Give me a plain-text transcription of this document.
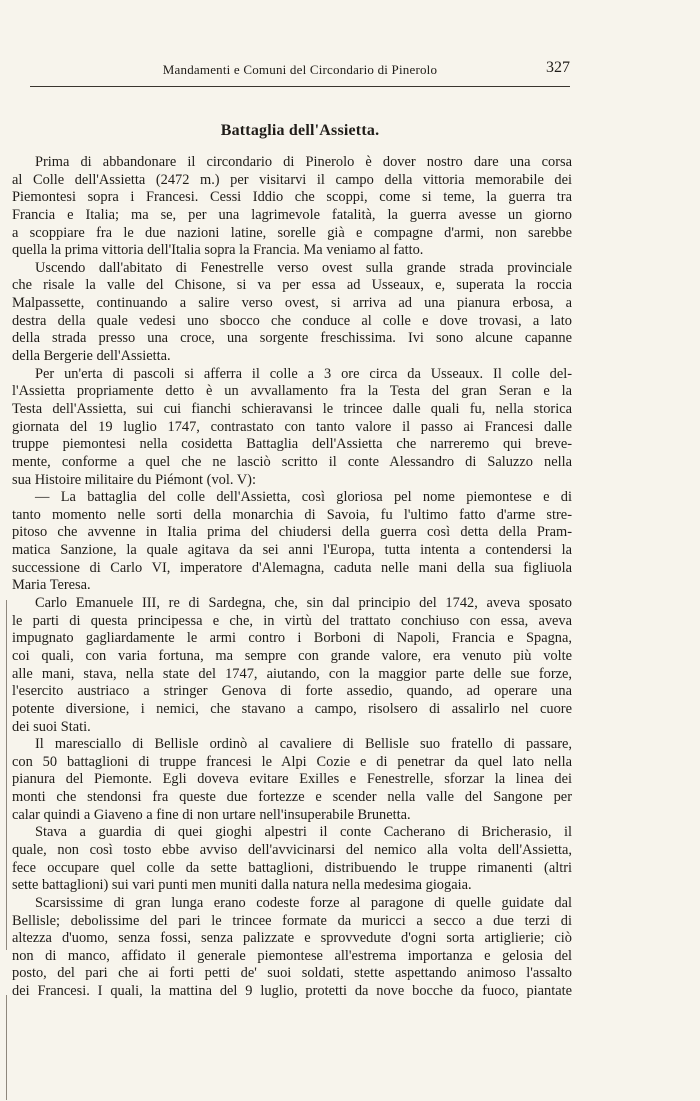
Mandamenti e Comuni del Circondario di Pinerolo	327
Battaglia dell'Assietta.
Prima di abbandonare il circondario di Pinerolo è dover nostro dare una corsa
al Colle dell'Assietta (2472 m.) per visitarvi il campo della vittoria memorabile dei
Piemontesi sopra i Francesi. Cessi Iddio che scoppi, come si teme, la guerra tra
Francia e Italia; ma se, per una lagrimevole fatalità, la guerra avesse un giorno
a scoppiare fra le due nazioni latine, sorelle già e compagne d'armi, non sarebbe
quella la prima vittoria dell'Italia sopra la Francia. Ma veniamo al fatto.
Uscendo dall'abitato di Fenestrelle verso ovest sulla grande strada provinciale
che risale la valle del Chisone, si va per essa ad Usseaux, e, superata la roccia
Malpassette, continuando a salire verso ovest, si arriva ad una pianura erbosa, a
destra della quale vedesi uno sbocco che conduce al colle e dove trovasi, a lato
della strada presso una croce, una sorgente freschissima. Ivi sono alcune capanne
della Bergerie dell'Assietta.
Per un'erta di pascoli si afferra il colle a 3 ore circa da Usseaux. Il colle del-
l'Assietta propriamente detto è un avvallamento fra la Testa del gran Seran e la
Testa dell'Assietta, sui cui fianchi schieravansi le trincee dalle quali fu, nella storica
giornata del 19 luglio 1747, contrastato con tanto valore il passo ai Francesi dalle
truppe piemontesi nella cosidetta Battaglia dell'Assietta che narreremo qui breve-
mente, conforme a quel che ne lasciò scritto il conte Alessandro di Saluzzo nella
sua Histoire militaire du Piémont (vol. V):
— La battaglia del colle dell'Assietta, così gloriosa pel nome piemontese e di
tanto momento nelle sorti della monarchia di Savoia, fu l'ultimo fatto d'arme stre-
pitoso che avvenne in Italia prima del chiudersi della guerra così detta della Pram-
matica Sanzione, la quale agitava da sei anni l'Europa, tutta intenta a contendersi la
successione di Carlo VI, imperatore d'Alemagna, caduta nelle mani della sua figliuola
Maria Teresa.
Carlo Emanuele III, re di Sardegna, che, sin dal principio del 1742, aveva sposato
le parti di questa principessa e che, in virtù del trattato conchiuso con essa, aveva
impugnato gagliardamente le armi contro i Borboni di Napoli, Francia e Spagna,
coi quali, con varia fortuna, ma sempre con grande valore, era venuto più volte
alle mani, stava, nella state del 1747, aiutando, con la maggior parte delle sue forze,
l'esercito austriaco a stringer Genova di forte assedio, quando, ad operare una
potente diversione, i nemici, che stavano a campo, risolsero di assalirlo nel cuore
dei suoi Stati.
Il maresciallo di Bellisle ordinò al cavaliere di Bellisle suo fratello di passare,
con 50 battaglioni di truppe francesi le Alpi Cozie e di penetrar da quel lato nella
pianura del Piemonte. Egli doveva evitare Exilles e Fenestrelle, sforzar la linea dei
monti che stendonsi fra queste due fortezze e scender nella valle del Sangone per
calar quindi a Giaveno a fine di non urtare nell'insuperabile Brunetta.
Stava a guardia di quei gioghi alpestri il conte Cacherano di Bricherasio, il
quale, non così tosto ebbe avviso dell'avvicinarsi del nemico alla volta dell'Assietta,
fece occupare quel colle da sette battaglioni, distribuendo le truppe rimanenti (altri
sette battaglioni) sui vari punti men muniti dalla natura nella medesima giogaia.
Scarsissime di gran lunga erano codeste forze al paragone di quelle guidate dal
Bellisle; debolissime del pari le trincee formate da muricci a secco a due terzi di
altezza d'uomo, senza fossi, senza palizzate e sprovvedute d'ogni sorta artiglierie; ciò
non di manco, affidato il generale piemontese all'estrema importanza e gelosia del
posto, del pari che ai forti petti de' suoi soldati, stette aspettando animoso l'assalto
dei Francesi. I quali, la mattina del 9 luglio, protetti da nove bocche da fuoco, piantate
